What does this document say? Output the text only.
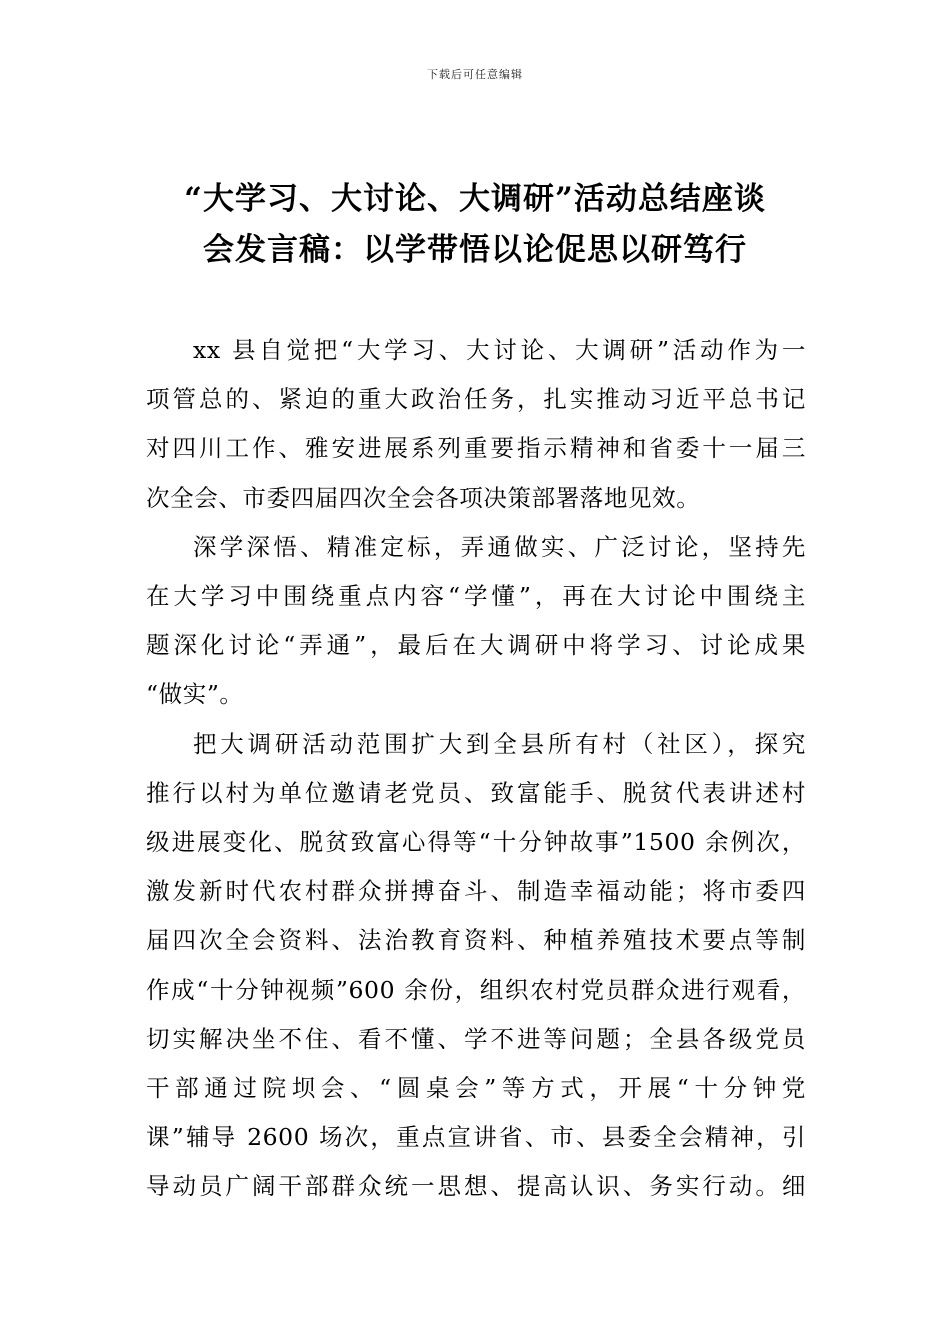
下载后可任意编辑
“大学习、大讨论、大调研”活动总结座谈
会发言稿：以学带悟以论促思以研笃行

xx 县自觉把“大学习、大讨论、大调研”活动作为一
项管总的、紧迫的重大政治任务，扎实推动习近平总书记
对四川工作、雅安进展系列重要指示精神和省委十一届三
次全会、市委四届四次全会各项决策部署落地见效。

深学深悟、精准定标，弄通做实、广泛讨论，坚持先
在大学习中围绕重点内容“学懂”，再在大讨论中围绕主
题深化讨论“弄通”，最后在大调研中将学习、讨论成果
“做实”。

把大调研活动范围扩大到全县所有村（社区），探究
推行以村为单位邀请老党员、致富能手、脱贫代表讲述村
级进展变化、脱贫致富心得等“十分钟故事”1500 余例次，
激发新时代农村群众拼搏奋斗、制造幸福动能；将市委四
届四次全会资料、法治教育资料、种植养殖技术要点等制
作成“十分钟视频”600 余份，组织农村党员群众进行观看，
切实解决坐不住、看不懂、学不进等问题；全县各级党员
干部通过院坝会、“圆桌会”等方式，开展“十分钟党
课”辅导 2600 场次，重点宣讲省、市、县委全会精神，引
导动员广阔干部群众统一思想、提高认识、务实行动。细
